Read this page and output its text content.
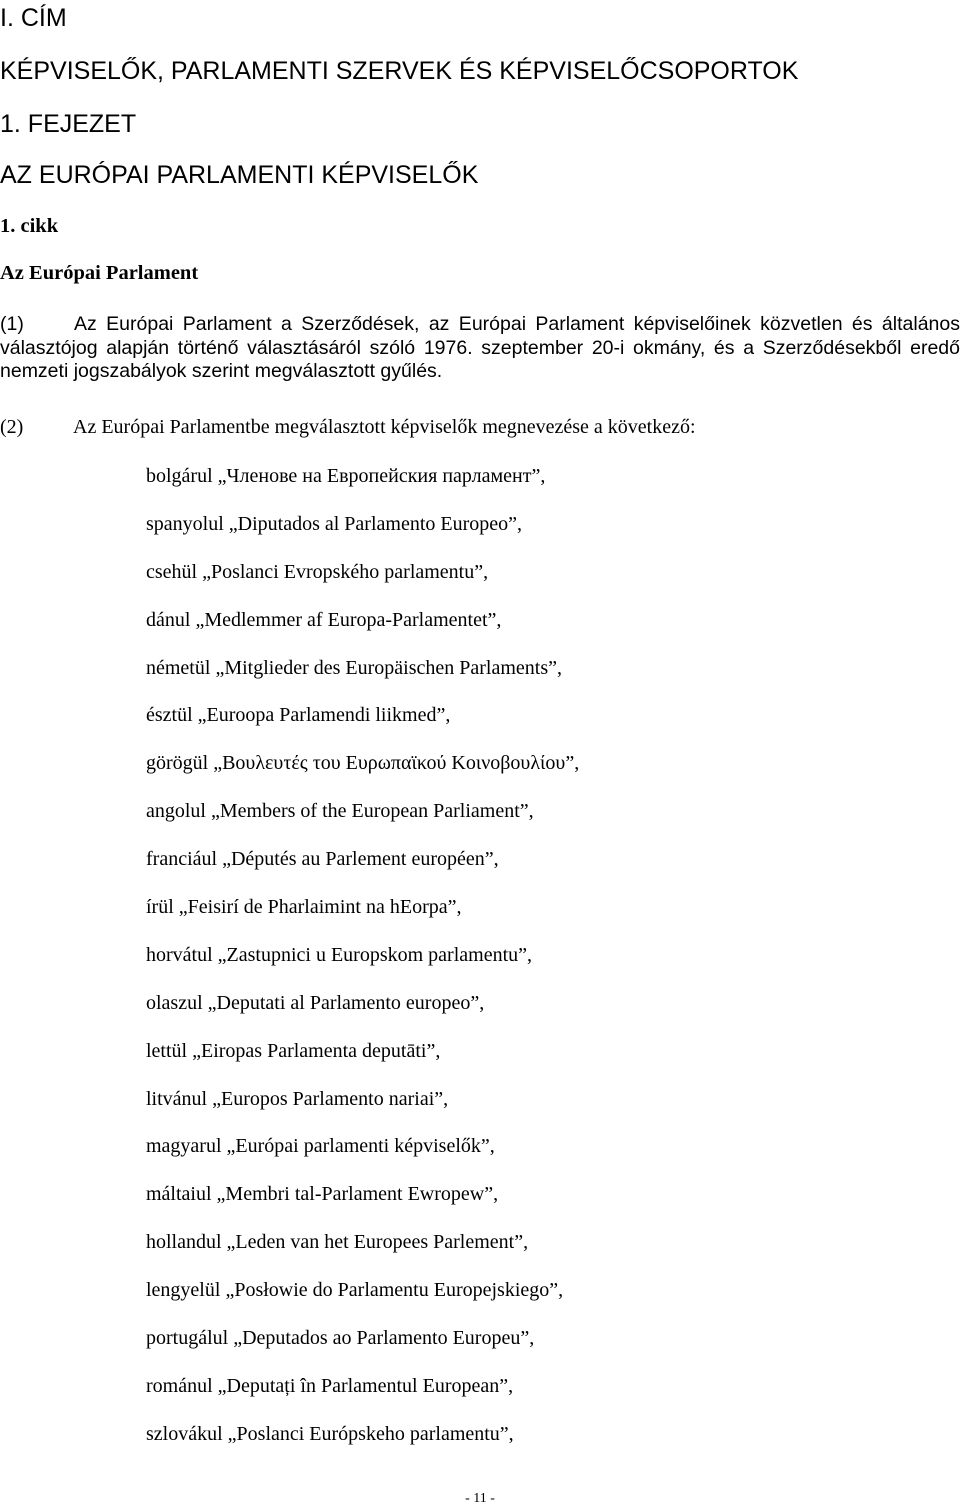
I. CÍM
KÉPVISELŐK, PARLAMENTI SZERVEK ÉS KÉPVISELŐCSOPORTOK
1. FEJEZET
AZ EURÓPAI PARLAMENTI KÉPVISELŐK
1. cikk
Az Európai Parlament

(1)	Az Európai Parlament a Szerződések, az Európai Parlament képviselőinek közvetlen és általános választójog alapján történő választásáról szóló 1976. szeptember 20-i okmány, és a Szerződésekből eredő nemzeti jogszabályok szerint megválasztott gyűlés.

(2) Az Európai Parlamentbe megválasztott képviselők megnevezése a következő:

bolgárul „Членове на Европейския парламент”,
spanyolul „Diputados al Parlamento Europeo”,
csehül „Poslanci Evropského parlamentu”,
dánul „Medlemmer af Europa-Parlamentet”,
németül „Mitglieder des Europäischen Parlaments”,
észtül „Euroopa Parlamendi liikmed”,
görögül „Βουλευτές του Ευρωπαϊκού Κοινοβουλίου”,
angolul „Members of the European Parliament”,
franciául „Députés au Parlement européen”,
írül „Feisirí de Pharlaimint na hEorpa”,
horvátul „Zastupnici u Europskom parlamentu”,
olaszul „Deputati al Parlamento europeo”,
lettül „Eiropas Parlamenta deputāti”,
litvánul „Europos Parlamento nariai”,
magyarul „Európai parlamenti képviselők”,
máltaiul „Membri tal-Parlament Ewropew”,
hollandul „Leden van het Europees Parlement”,
lengyelül „Posłowie do Parlamentu Europejskiego”,
portugálul „Deputados ao Parlamento Europeu”,
románul „Deputați în Parlamentul European”,
szlovákul „Poslanci Európskeho parlamentu”,
- 11 -
